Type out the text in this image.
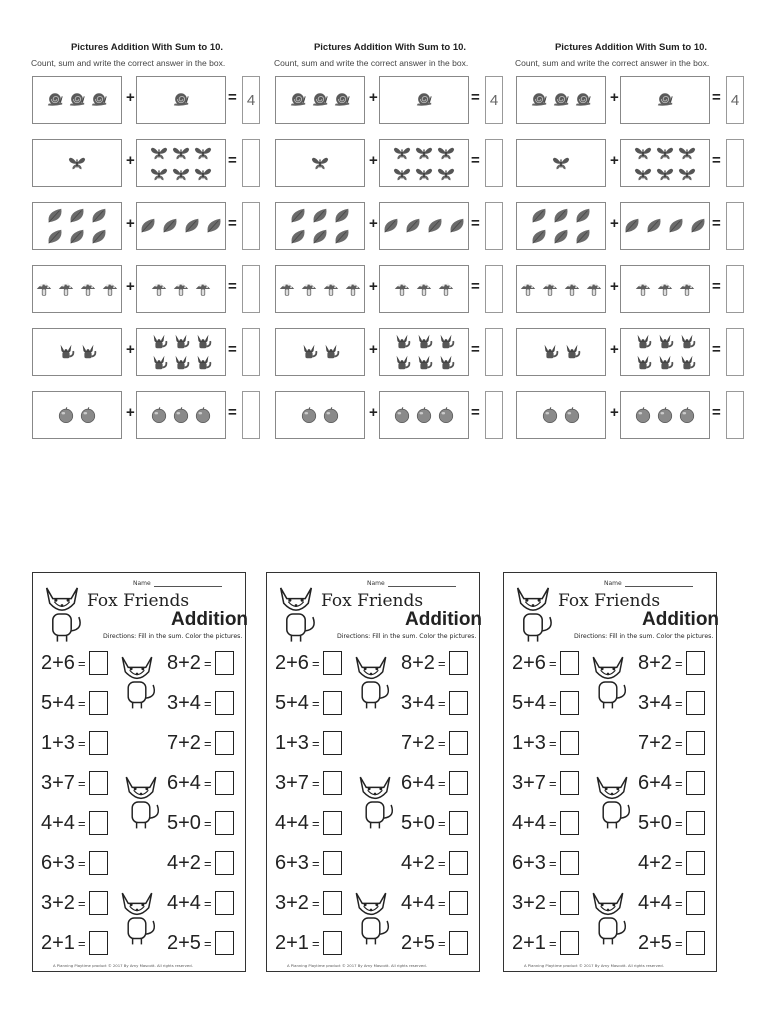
Pictures Addition With Sum to 10.
Count, sum and write the correct answer in the box.
+	= 4
+	=
+	=
+	=
+	=
+	=
Pictures Addition With Sum to 10.
Count, sum and write the correct answer in the box.
+	= 4
+	=
+	=
+	=
+	=
+	=
Pictures Addition With Sum to 10.
Count, sum and write the correct answer in the box.
+	= 4
+	=
+	=
+	=
+	=
+	=
Name
Fox Friends
Addition
Directions: Fill in the sum. Color the pictures.
2+6 =	8+2 =
5+4 =	3+4 =
1+3 =	7+2 =
3+7 =	6+4 =
4+4 =	5+0 =
6+3 =	4+2 =
3+2 =	4+4 =
2+1 =	2+5 =
A Planning Playtime product © 2017 By Amy Mascott. All rights reserved.
Name
Fox Friends
Addition
Directions: Fill in the sum. Color the pictures.
2+6 =	8+2 =
5+4 =	3+4 =
1+3 =	7+2 =
3+7 =	6+4 =
4+4 =	5+0 =
6+3 =	4+2 =
3+2 =	4+4 =
2+1 =	2+5 =
A Planning Playtime product © 2017 By Amy Mascott. All rights reserved.
Name
Fox Friends
Addition
Directions: Fill in the sum. Color the pictures.
2+6 =	8+2 =
5+4 =	3+4 =
1+3 =	7+2 =
3+7 =	6+4 =
4+4 =	5+0 =
6+3 =	4+2 =
3+2 =	4+4 =
2+1 =	2+5 =
A Planning Playtime product © 2017 By Amy Mascott. All rights reserved.
